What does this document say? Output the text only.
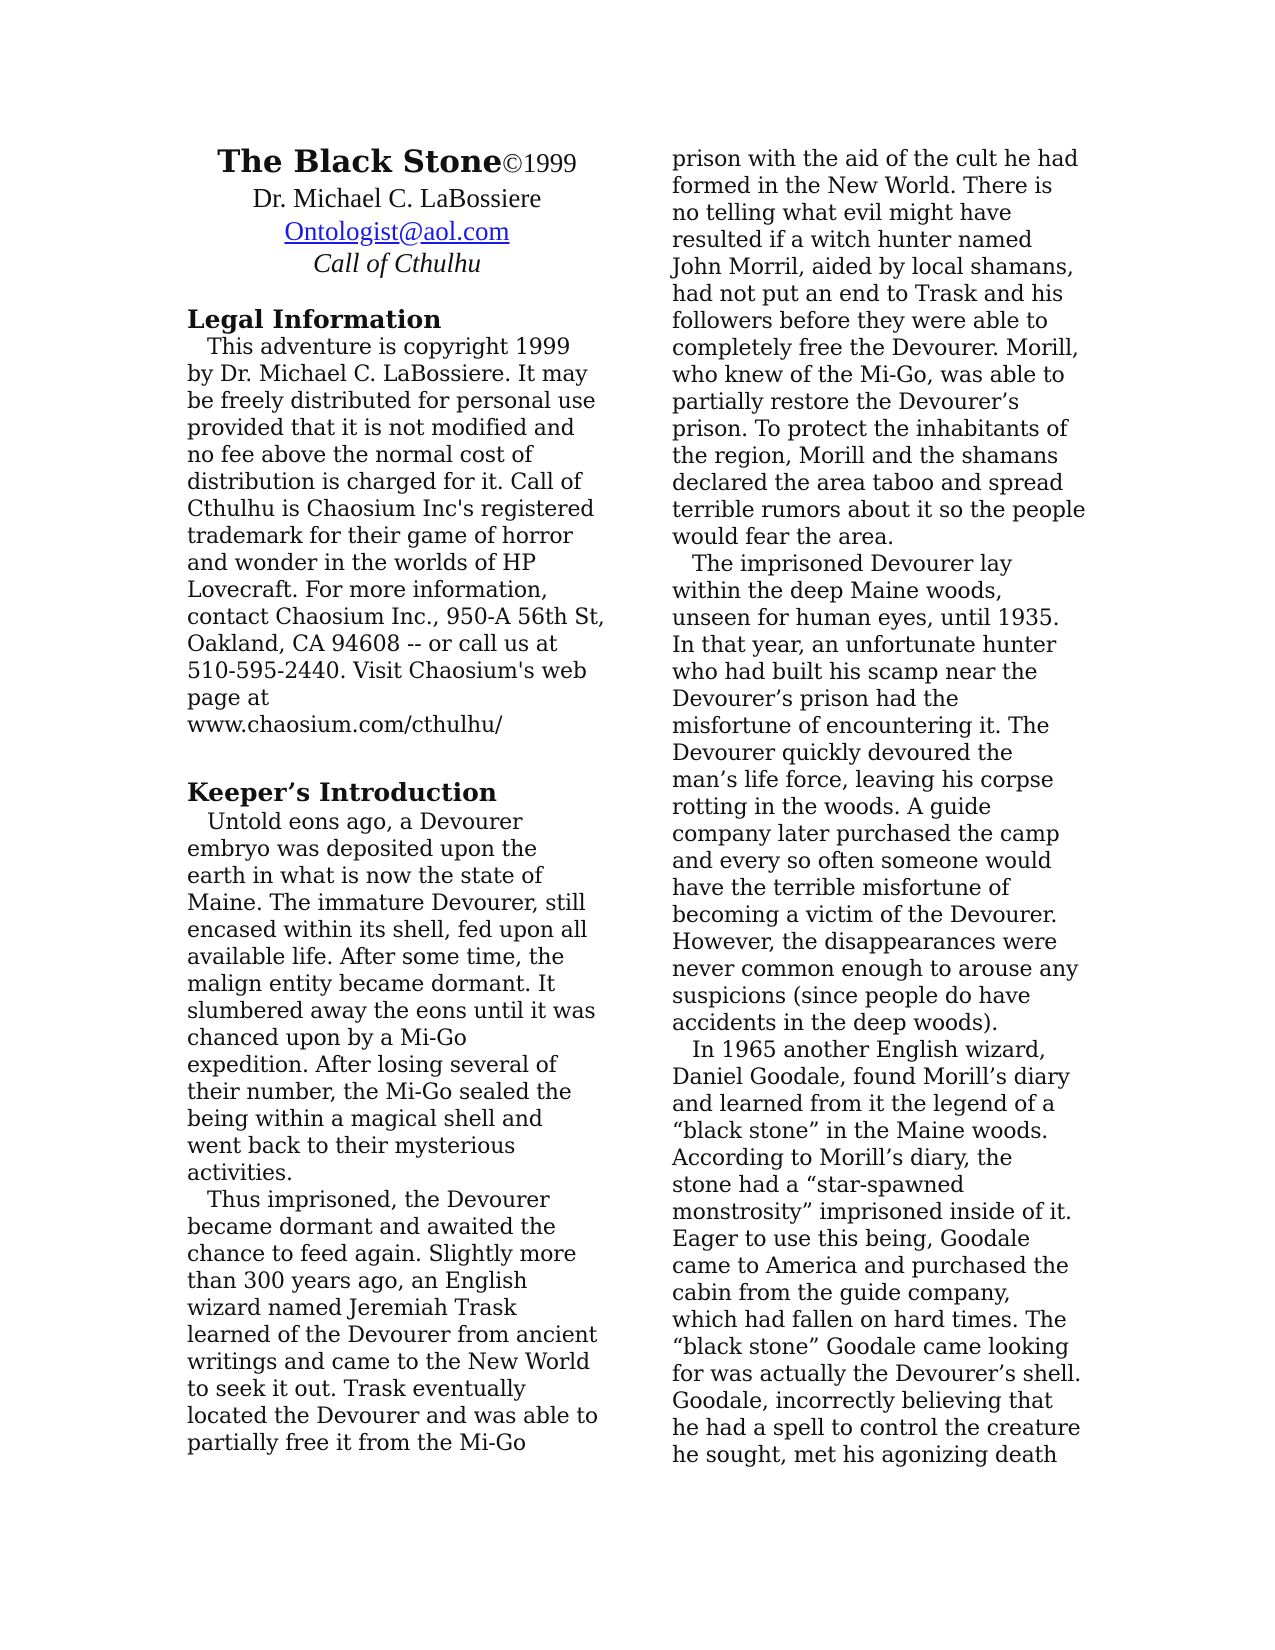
The Black Stone©1999
Dr. Michael C. LaBossiere
Ontologist@aol.com
Call of Cthulhu
Legal Information
This adventure is copyright 1999
by Dr. Michael C. LaBossiere. It may
be freely distributed for personal use
provided that it is not modified and
no fee above the normal cost of
distribution is charged for it. Call of
Cthulhu is Chaosium Inc's registered
trademark for their game of horror
and wonder in the worlds of HP
Lovecraft. For more information,
contact Chaosium Inc., 950-A 56th St,
Oakland, CA 94608 -- or call us at
510-595-2440. Visit Chaosium's web
page at
www.chaosium.com/cthulhu/
Keeper’s Introduction
Untold eons ago, a Devourer
embryo was deposited upon the
earth in what is now the state of
Maine. The immature Devourer, still
encased within its shell, fed upon all
available life. After some time, the
malign entity became dormant. It
slumbered away the eons until it was
chanced upon by a Mi-Go
expedition. After losing several of
their number, the Mi-Go sealed the
being within a magical shell and
went back to their mysterious
activities.
Thus imprisoned, the Devourer
became dormant and awaited the
chance to feed again. Slightly more
than 300 years ago, an English
wizard named Jeremiah Trask
learned of the Devourer from ancient
writings and came to the New World
to seek it out. Trask eventually
located the Devourer and was able to
partially free it from the Mi-Go
prison with the aid of the cult he had
formed in the New World. There is
no telling what evil might have
resulted if a witch hunter named
John Morril, aided by local shamans,
had not put an end to Trask and his
followers before they were able to
completely free the Devourer. Morill,
who knew of the Mi-Go, was able to
partially restore the Devourer’s
prison. To protect the inhabitants of
the region, Morill and the shamans
declared the area taboo and spread
terrible rumors about it so the people
would fear the area.
The imprisoned Devourer lay
within the deep Maine woods,
unseen for human eyes, until 1935.
In that year, an unfortunate hunter
who had built his scamp near the
Devourer’s prison had the
misfortune of encountering it. The
Devourer quickly devoured the
man’s life force, leaving his corpse
rotting in the woods. A guide
company later purchased the camp
and every so often someone would
have the terrible misfortune of
becoming a victim of the Devourer.
However, the disappearances were
never common enough to arouse any
suspicions (since people do have
accidents in the deep woods).
In 1965 another English wizard,
Daniel Goodale, found Morill’s diary
and learned from it the legend of a
“black stone” in the Maine woods.
According to Morill’s diary, the
stone had a “star-spawned
monstrosity” imprisoned inside of it.
Eager to use this being, Goodale
came to America and purchased the
cabin from the guide company,
which had fallen on hard times. The
“black stone” Goodale came looking
for was actually the Devourer’s shell.
Goodale, incorrectly believing that
he had a spell to control the creature
he sought, met his agonizing death
